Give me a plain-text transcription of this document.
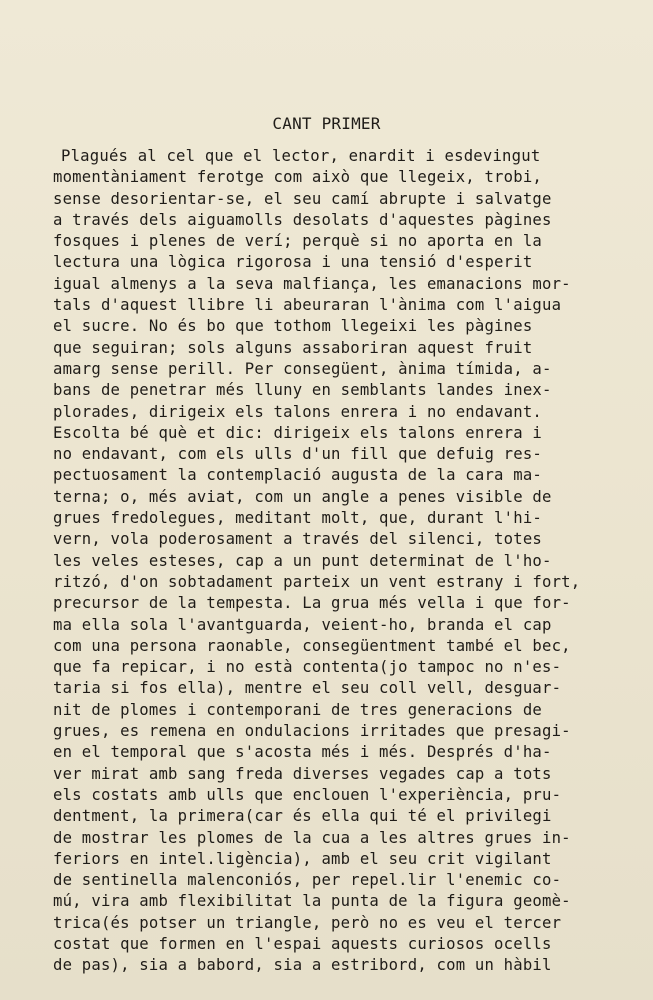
CANT PRIMER
Plagués al cel que el lector, enardit i esdevingut
momentàniament ferotge com això que llegeix, trobi,
sense desorientar-se, el seu camí abrupte i salvatge
a través dels aiguamolls desolats d'aquestes pàgines
fosques i plenes de verí; perquè si no aporta en la
lectura una lògica rigorosa i una tensió d'esperit
igual almenys a la seva malfiança, les emanacions mor-
tals d'aquest llibre li abeuraran l'ànima com l'aigua
el sucre. No és bo que tothom llegeixi les pàgines
que seguiran; sols alguns assaboriran aquest fruit
amarg sense perill. Per consegüent, ànima tímida, a-
bans de penetrar més lluny en semblants landes inex-
plorades, dirigeix els talons enrera i no endavant.
Escolta bé què et dic: dirigeix els talons enrera i
no endavant, com els ulls d'un fill que defuig res-
pectuosament la contemplació augusta de la cara ma-
terna; o, més aviat, com un angle a penes visible de
grues fredolegues, meditant molt, que, durant l'hi-
vern, vola poderosament a través del silenci, totes
les veles esteses, cap a un punt determinat de l'ho-
ritzó, d'on sobtadament parteix un vent estrany i fort,
precursor de la tempesta. La grua més vella i que for-
ma ella sola l'avantguarda, veient-ho, branda el cap
com una persona raonable, consegüentment també el bec,
que fa repicar, i no està contenta(jo tampoc no n'es-
taria si fos ella), mentre el seu coll vell, desguar-
nit de plomes i contemporani de tres generacions de
grues, es remena en ondulacions irritades que presagi-
en el temporal que s'acosta més i més. Després d'ha-
ver mirat amb sang freda diverses vegades cap a tots
els costats amb ulls que enclouen l'experiència, pru-
dentment, la primera(car és ella qui té el privilegi
de mostrar les plomes de la cua a les altres grues in-
feriors en intel.ligència), amb el seu crit vigilant
de sentinella malenconiós, per repel.lir l'enemic co-
mú, vira amb flexibilitat la punta de la figura geomè-
trica(és potser un triangle, però no es veu el tercer
costat que formen en l'espai aquests curiosos ocells
de pas), sia a babord, sia a estribord, com un hàbil
